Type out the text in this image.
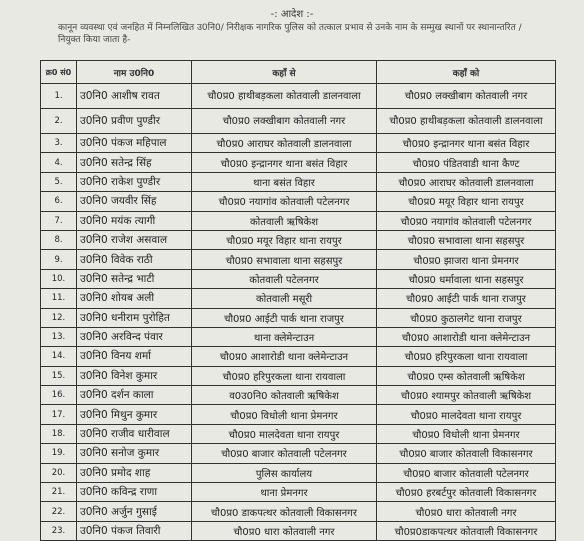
-: आदेश :-
कानून व्यवस्था एवं जनहित में निम्नलिखित उ0नि0/ निरीक्षक नागरिक पुलिस को तत्काल प्रभाव से उनके नाम के सम्मुख स्थानों पर स्थानान्तरित / नियुक्त किया जाता है-
क्र0 सं0	नाम उ0नि0	कहाँ से	कहाँ को
1.	उ0नि0 आशीष रावत	चौ0प्र0 हाथीबड़कला कोतवाली डालनवाला	चौ0प्र0 लक्खीबाग कोतवाली नगर
2.	उ0नि0 प्रवीण पुण्डीर	चौ0प्र0 लक्खीबाग कोतवाली नगर	चौ0प्र0 हाथीबड़कला कोतवाली डालनवाला
3.	उ0नि0 पंकज महिपाल	चौ0प्र0 आराघर कोतवाली डालनवाला	चौ0प्र0 इन्द्रानगर थाना बसंत विहार
4.	उ0नि0 सतेन्द्र सिंह	चौ0प्र0 इन्द्रानगर थाना बसंत विहार	चौ0प्र0 पंडितवाडी थाना कैण्ट
5.	उ0नि0 राकेश पुण्डीर	थाना बसंत विहार	चौ0प्र0 आराघर कोतवाली डालनवाला
6.	उ0नि0 जयवीर सिंह	चौ0प्र0 नयागांव कोतवाली पटेलनगर	चौ0प्र0 मयूर विहार थाना रायपुर
7.	उ0नि0 मयंक त्यागी	कोतवाली ऋषिकेश	चौ0प्र0 नयागांव कोतवाली पटेलनगर
8.	उ0नि0 राजेश असवाल	चौ0प्र0 मयूर विहार थाना रायपुर	चौ0प्र0 सभावाला थाना सहसपुर
9.	उ0नि0 विवेक राठी	चौ0प्र0 सभावाला थाना सहसपुर	चौ0प्र0 झाजरा थाना प्रेमनगर
10.	उ0नि0 सतेन्द्र भाटी	कोतवाली पटेलनगर	चौ0प्र0 धर्मावाला थाना सहसपुर
11.	उ0नि0 शोयब अली	कोतवाली मसूरी	चौ0प्र0 आईटी पार्क थाना राजपुर
12.	उ0नि0 धनीराम पुरोहित	चौ0प्र0 आईटी पार्क थाना राजपुर	चौ0प्र0 कुठालगेट थाना राजपुर
13.	उ0नि0 अरविन्द पंवार	थाना क्लेमेन्टाउन	चौ0प्र0 आशारोडी थाना क्लेमेन्टाउन
14.	उ0नि0 विनय शर्मा	चौ0प्र0 आशारोडी थाना क्लेमेन्टाउन	चौ0प्र0 हरिपुरकला थाना रायवाला
15.	उ0नि0 विनेश कुमार	चौ0प्र0 हरिपुरकला थाना रायवाला	चौ0प्र0 एम्स कोतवाली ऋषिकेश
16.	उ0नि0 दर्शन काला	व0उ0नि0 कोतवाली ऋषिकेश	चौ0प्र0 श्यामपुर कोतवाली ऋषिकेश
17.	उ0नि0 मिथुन कुमार	चौ0प्र0 विधोली थाना प्रेमनगर	चौ0प्र0 मालदेवता थाना रायपुर
18.	उ0नि0 राजीव धारीवाल	चौ0प्र0 मालदेवता थाना रायपुर	चौ0प्र0 विधोली थाना प्रेमनगर
19.	उ0नि0 सनोज कुमार	चौ0प्र0 बाजार कोतवाली पटेलनगर	चौ0प्र0 बाजार कोतवाली विकासनगर
20.	उ0नि0 प्रमोद शाह	पुलिस कार्यालय	चौ0प्र0 बाजार कोतवाली पटेलनगर
21.	उ0नि0 कविन्द्र राणा	थाना प्रेमनगर	चौ0प्र0 हरबर्टपुर कोतवाली विकासनगर
22.	उ0नि0 अर्जुन गुसाई	चौ0प्र0 डाकपत्थर कोतवाली विकासनगर	चौ0प्र0 धारा कोतवाली नगर
23.	उ0नि0 पंकज तिवारी	चौ0प्र0 धारा कोतवाली नगर	चौ0प्र0डाकपत्थर कोतवाली विकासनगर
